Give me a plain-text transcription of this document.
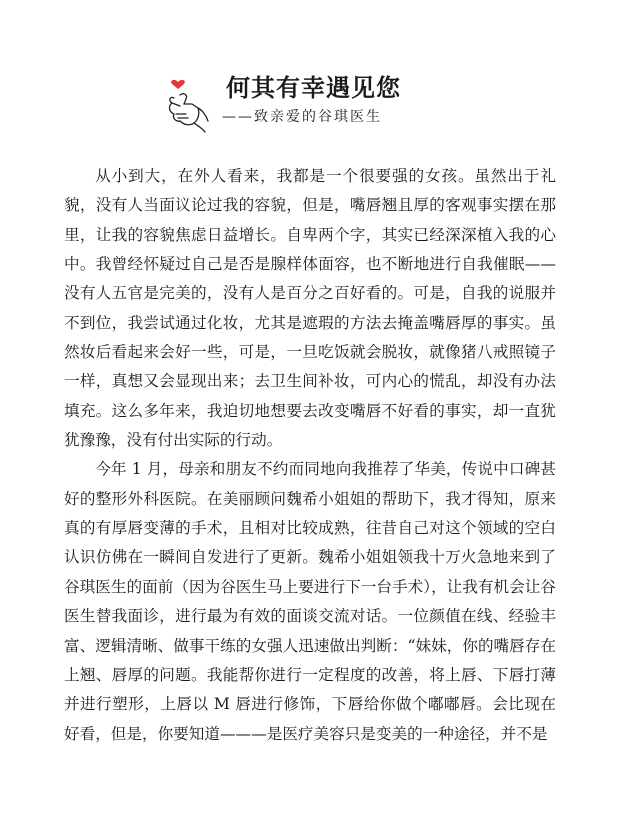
何其有幸遇见您
——致亲爱的谷琪医生

从小到大，在外人看来，我都是一个很要强的女孩。虽然出于礼貌，没有人当面议论过我的容貌，但是，嘴唇翘且厚的客观事实摆在那里，让我的容貌焦虑日益增长。自卑两个字，其实已经深深植入我的心中。我曾经怀疑过自己是否是腺样体面容，也不断地进行自我催眠——没有人五官是完美的，没有人是百分之百好看的。可是，自我的说服并不到位，我尝试通过化妆，尤其是遮瑕的方法去掩盖嘴唇厚的事实。虽然妆后看起来会好一些，可是，一旦吃饭就会脱妆，就像猪八戒照镜子一样，真想又会显现出来；去卫生间补妆，可内心的慌乱，却没有办法填充。这么多年来，我迫切地想要去改变嘴唇不好看的事实，却一直犹犹豫豫，没有付出实际的行动。

今年 1 月，母亲和朋友不约而同地向我推荐了华美，传说中口碑甚好的整形外科医院。在美丽顾问魏希小姐姐的帮助下，我才得知，原来真的有厚唇变薄的手术，且相对比较成熟，往昔自己对这个领域的空白认识仿佛在一瞬间自发进行了更新。魏希小姐姐领我十万火急地来到了谷琪医生的面前（因为谷医生马上要进行下一台手术），让我有机会让谷医生替我面诊，进行最为有效的面谈交流对话。一位颜值在线、经验丰富、逻辑清晰、做事干练的女强人迅速做出判断：“妹妹，你的嘴唇存在上翘、唇厚的问题。我能帮你进行一定程度的改善，将上唇、下唇打薄并进行塑形，上唇以 M 唇进行修饰，下唇给你做个嘟嘟唇。会比现在好看，但是，你要知道———是医疗美容只是变美的一种途径，并不是
